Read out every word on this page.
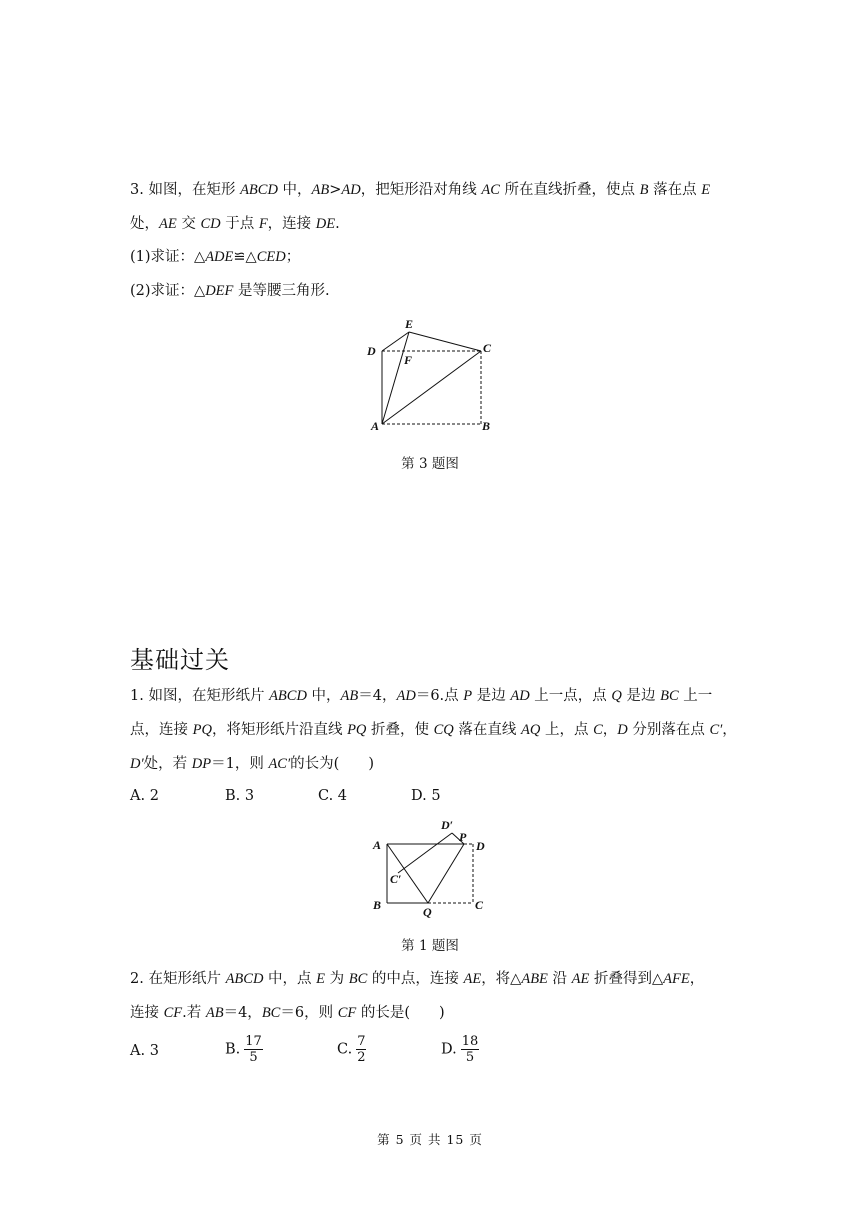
3. 如图，在矩形 ABCD 中，AB>AD，把矩形沿对角线 AC 所在直线折叠，使点 B 落在点 E
处，AE 交 CD 于点 F，连接 DE.
(1)求证：△ADE≌△CED；
(2)求证：△DEF 是等腰三角形.
E
D	C
F
A	B
第 3 题图
基础过关
1. 如图，在矩形纸片 ABCD 中，AB＝4，AD＝6.点 P 是边 AD 上一点，点 Q 是边 BC 上一
点，连接 PQ，将矩形纸片沿直线 PQ 折叠，使 CQ 落在直线 AQ 上，点 C，D 分别落在点 C′，
D′处，若 DP＝1，则 AC′的长为(　　)
A. 2	B. 3	C. 4	D. 5
A
D′
P
D
C′
B	Q	C
第 1 题图
2. 在矩形纸片 ABCD 中，点 E 为 BC 的中点，连接 AE，将△ABE 沿 AE 折叠得到△AFE，
连接 CF.若 AB＝4，BC＝6，则 CF 的长是(　　)
A. 3	B. $\frac{17}{5}$	C. $\frac{7}{2}$	D. $\frac{18}{5}$
第 5 页 共 15 页
